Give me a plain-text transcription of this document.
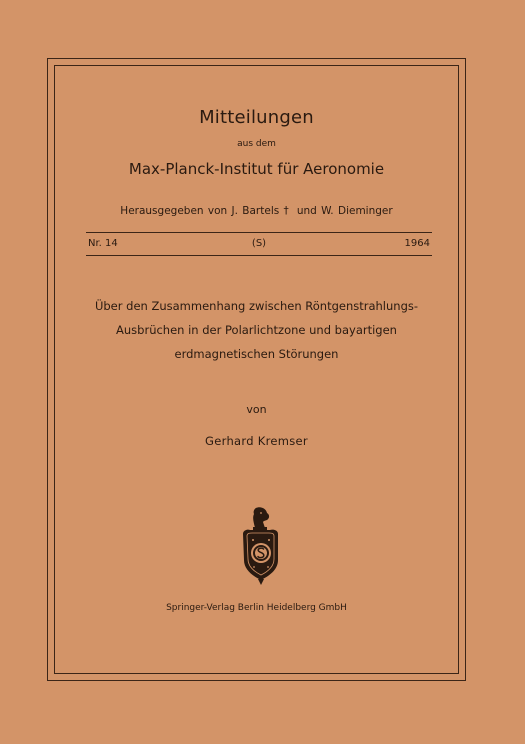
Mitteilungen
aus dem
Max-Planck-Institut für Aeronomie
Herausgegeben von J. Bartels † und W. Dieminger
Nr. 14	(S)	1964
Über den Zusammenhang zwischen Röntgenstrahlungs-
Ausbrüchen in der Polarlichtzone und bayartigen
erdmagnetischen Störungen
von
Gerhard Kremser
Springer-Verlag Berlin Heidelberg GmbH
